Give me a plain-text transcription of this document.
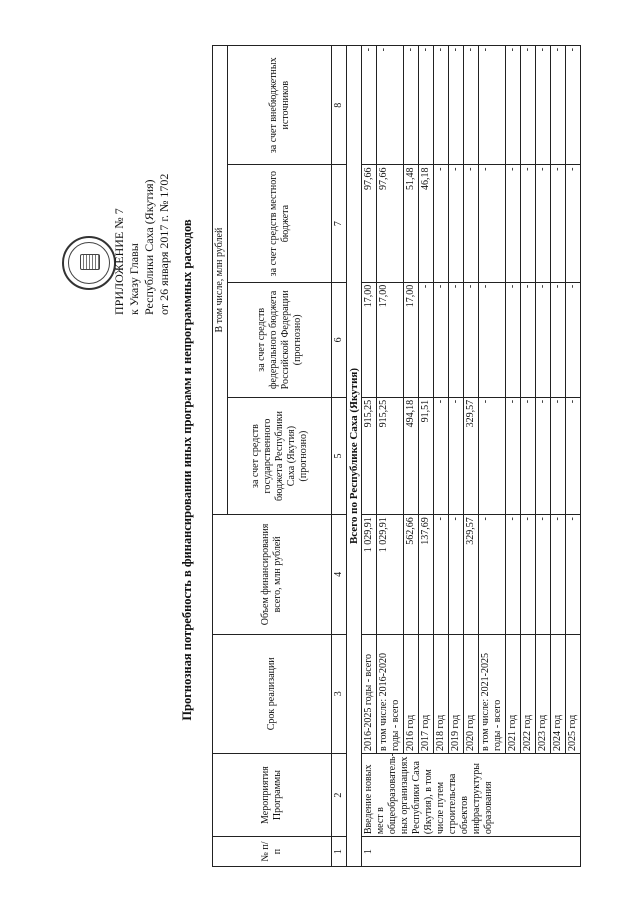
ПРИЛОЖЕНИЕ № 7 к Указу Главы Республики Саха (Якутия) от 26 января 2017 г. № 1702 Прогнозная потребность в финансировании иных программ и непрограммных расходов
№ п/п	Мероприятия Программы	Срок реализации	Объем финансирования всего, млн рублей	В том числе, млн рублей			
				за счет средств государственного бюджета Республики Саха (Якутия) (прогнозно)	за счет средств федерального бюджета Российской Федерации (прогнозно)	за счет средств местного бюджета	за счет внебюджетных источников
1	2	3	4	5	6	7	8
Всего по Республике Саха (Якутия)							
1	Введение новых мест в общеобразователь-ных организациях Республики Саха (Якутия), в том числе путем строительства объектов инфраструктуры образования	2016-2025 годы - всего	1 029,91	915,25	17,00	97,66	-
		в том числе: 2016-2020 годы - всего	1 029,91	915,25	17,00	97,66	-
		2016 год	562,66	494,18	17,00	51,48	-
		2017 год	137,69	91,51	-	46,18	-
		2018 год	-	-	-	-	-
		2019 год	-	-	-	-	-
		2020 год	329,57	329,57	-	-	-
		в том числе: 2021-2025 годы - всего	-	-	-	-	-
		2021 год	-	-	-	-	-
		2022 год	-	-	-	-	-
		2023 год	-	-	-	-	-
		2024 год	-	-	-	-	-
		2025 год	-	-	-	-	-
